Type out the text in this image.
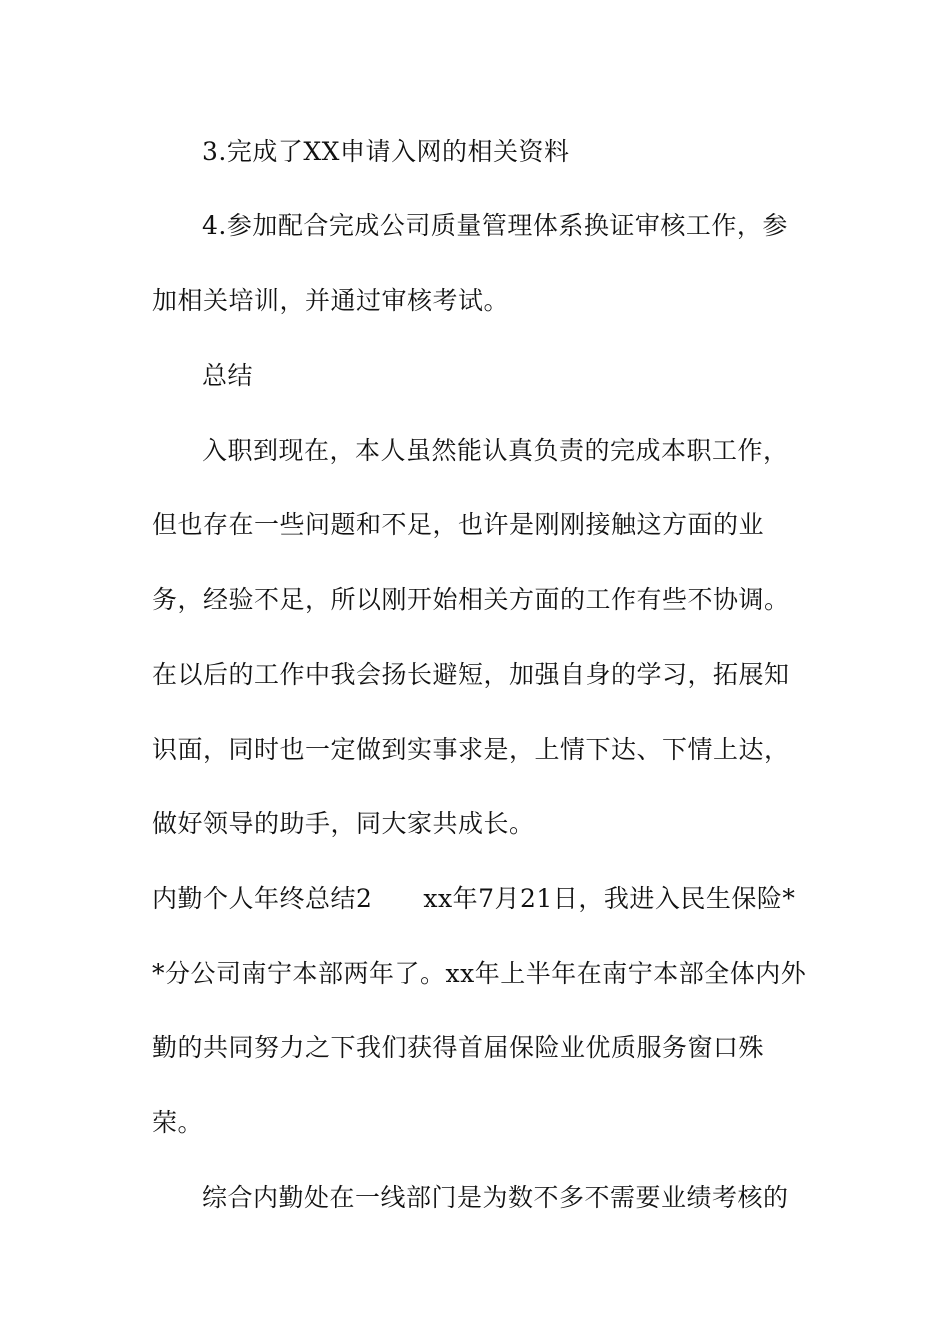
3.完成了XX申请入网的相关资料
4.参加配合完成公司质量管理体系换证审核工作，参
加相关培训，并通过审核考试。
总结
入职到现在，本人虽然能认真负责的完成本职工作，
但也存在一些问题和不足，也许是刚刚接触这方面的业
务，经验不足，所以刚开始相关方面的工作有些不协调。
在以后的工作中我会扬长避短，加强自身的学习，拓展知
识面，同时也一定做到实事求是，上情下达、下情上达，
做好领导的助手，同大家共成长。
内勤个人年终总结2　　xx年7月21日，我进入民生保险*
*分公司南宁本部两年了。xx年上半年在南宁本部全体内外
勤的共同努力之下我们获得首届保险业优质服务窗口殊
荣。
综合内勤处在一线部门是为数不多不需要业绩考核的
